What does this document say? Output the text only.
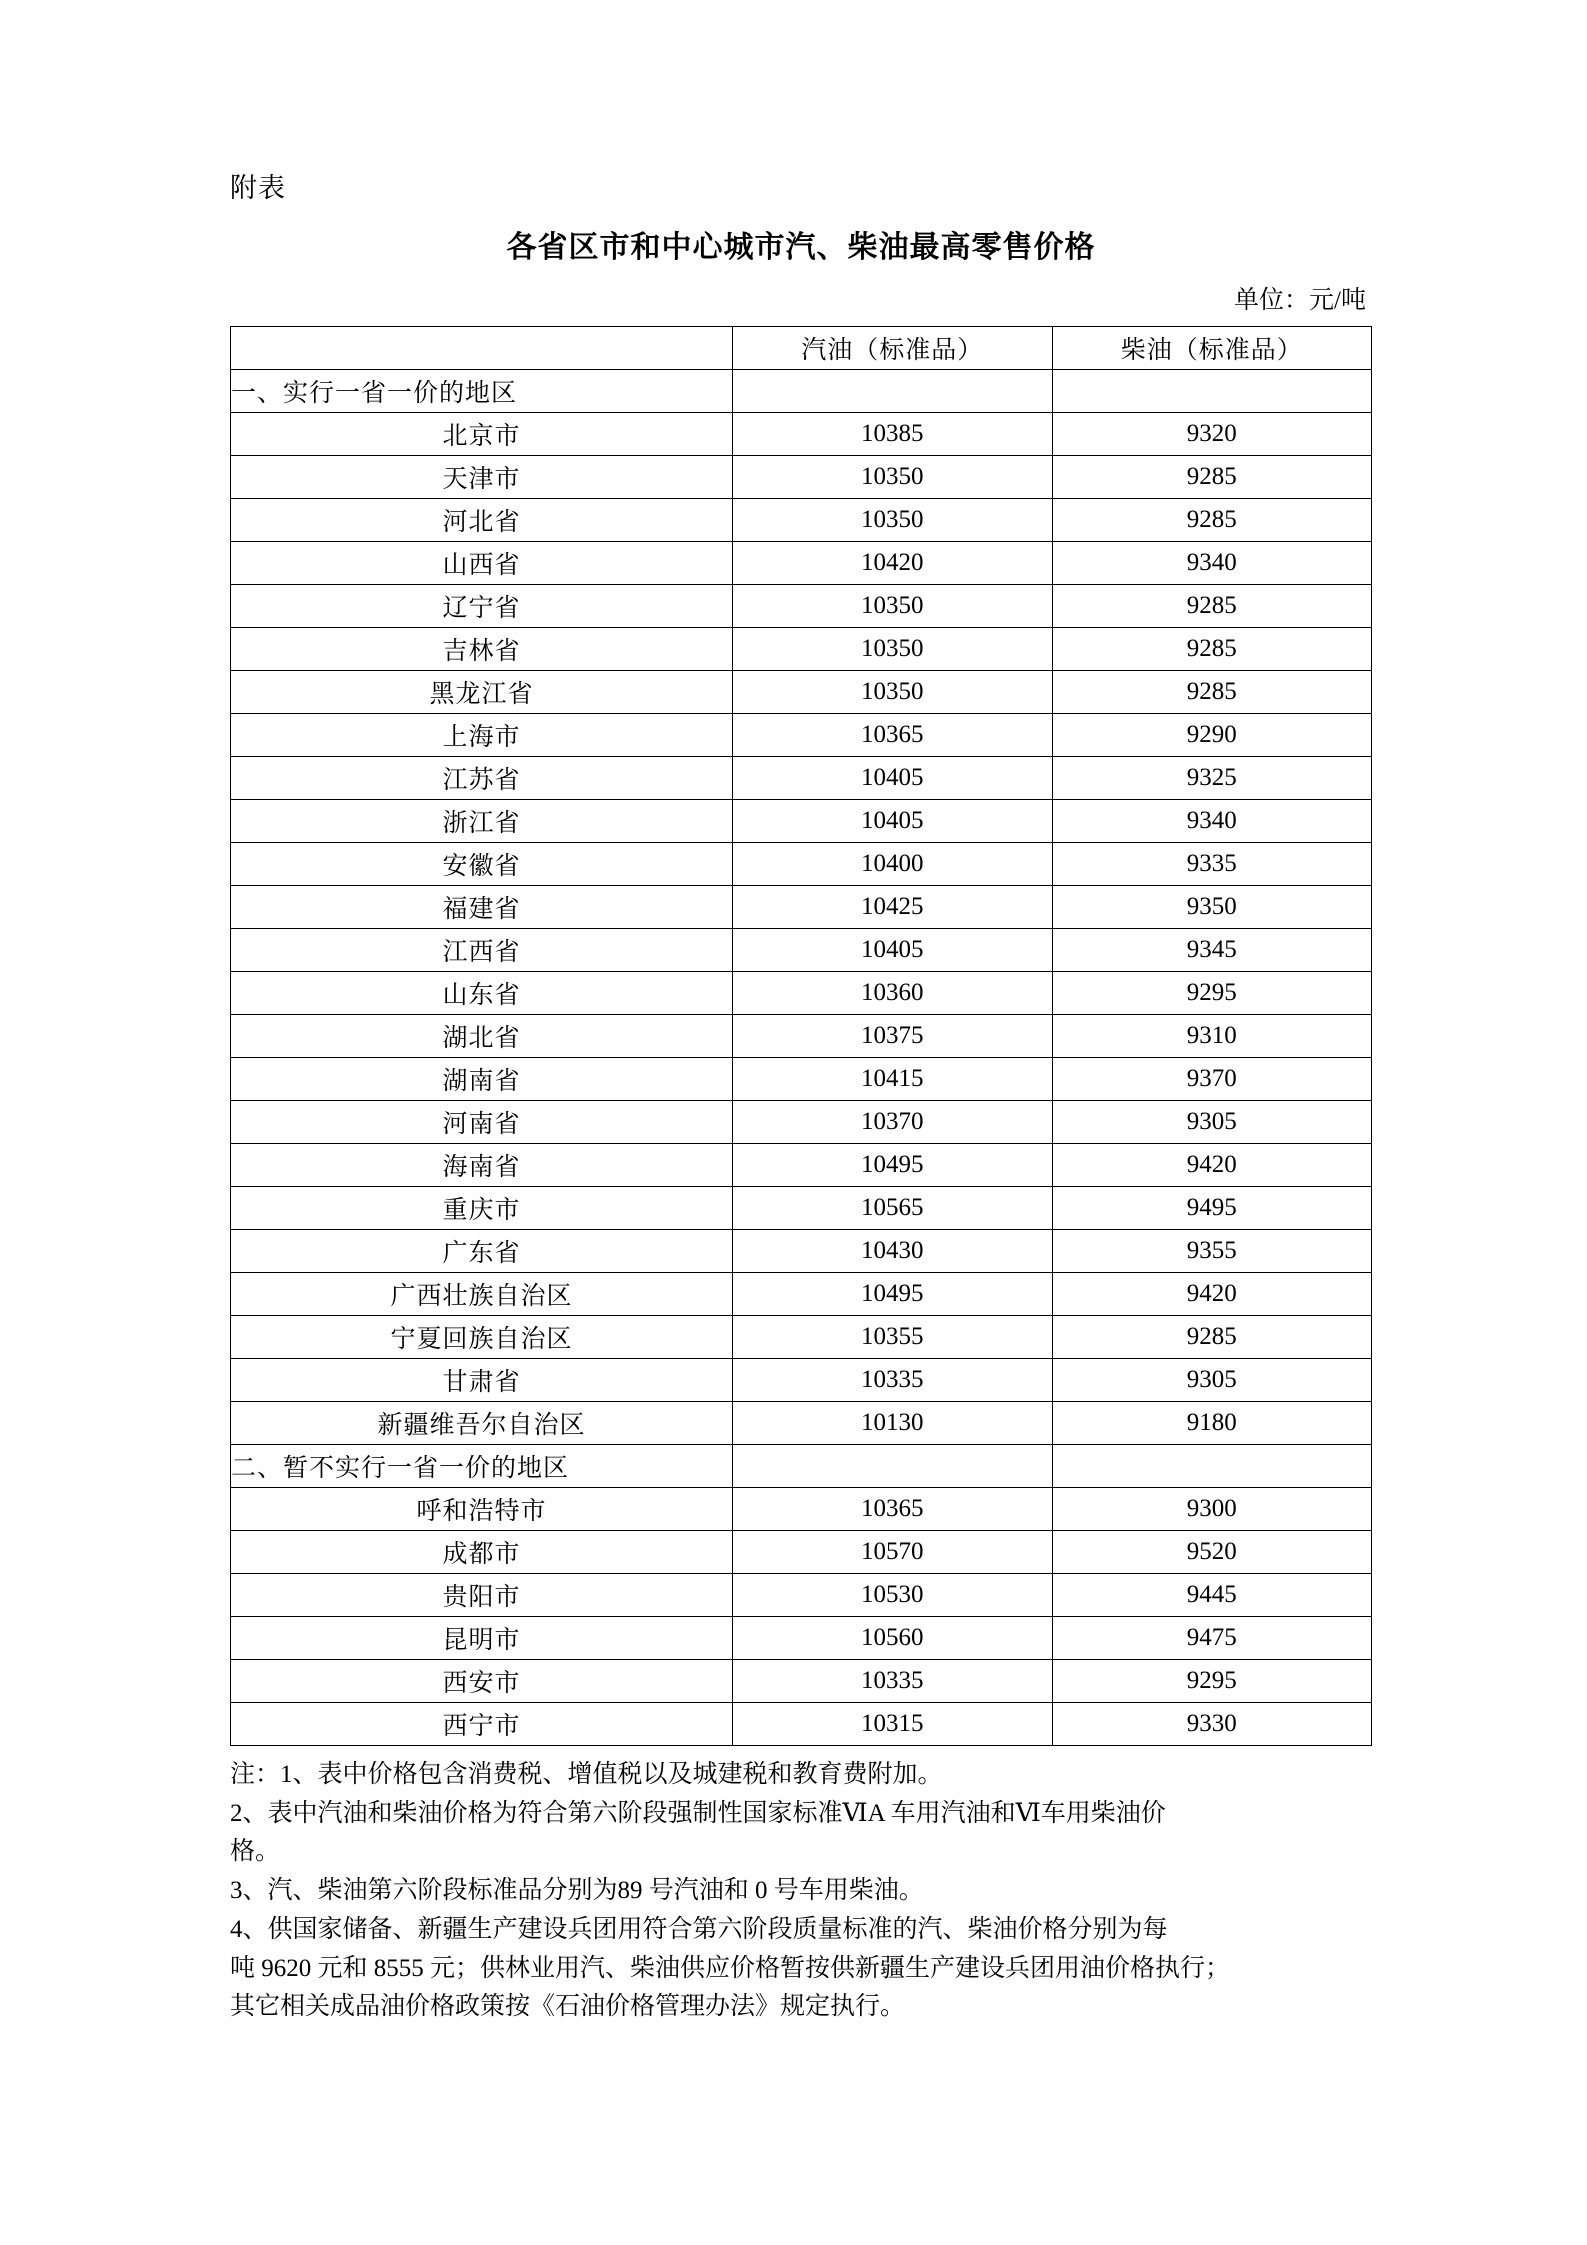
附表

各省区市和中心城市汽、柴油最高零售价格

单位：元/吨

	汽油（标准品）	柴油（标准品）
一、实行一省一价的地区		
北京市	10385	9320
天津市	10350	9285
河北省	10350	9285
山西省	10420	9340
辽宁省	10350	9285
吉林省	10350	9285
黑龙江省	10350	9285
上海市	10365	9290
江苏省	10405	9325
浙江省	10405	9340
安徽省	10400	9335
福建省	10425	9350
江西省	10405	9345
山东省	10360	9295
湖北省	10375	9310
湖南省	10415	9370
河南省	10370	9305
海南省	10495	9420
重庆市	10565	9495
广东省	10430	9355
广西壮族自治区	10495	9420
宁夏回族自治区	10355	9285
甘肃省	10335	9305
新疆维吾尔自治区	10130	9180
二、暂不实行一省一价的地区		
呼和浩特市	10365	9300
成都市	10570	9520
贵阳市	10530	9445
昆明市	10560	9475
西安市	10335	9295
西宁市	10315	9330

注：1、表中价格包含消费税、增值税以及城建税和教育费附加。

2、表中汽油和柴油价格为符合第六阶段强制性国家标准ⅥA 车用汽油和Ⅵ车用柴油价

格。

3、汽、柴油第六阶段标准品分别为89 号汽油和 0 号车用柴油。

4、供国家储备、新疆生产建设兵团用符合第六阶段质量标准的汽、柴油价格分别为每

吨 9620 元和 8555 元；供林业用汽、柴油供应价格暂按供新疆生产建设兵团用油价格执行；

其它相关成品油价格政策按《石油价格管理办法》规定执行。
